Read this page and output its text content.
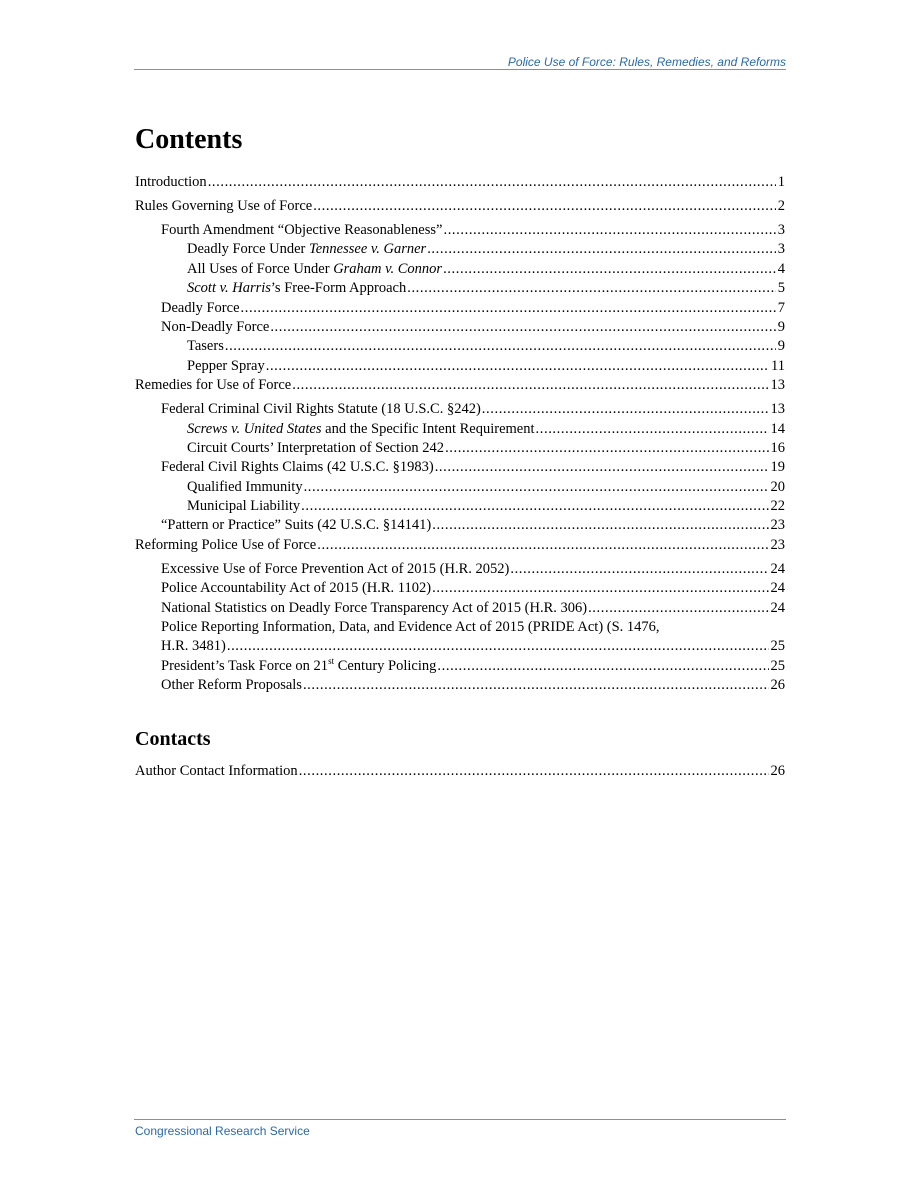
Police Use of Force: Rules, Remedies, and Reforms
Contents
Introduction .....	1
Rules Governing Use of Force .....	2
Fourth Amendment “Objective Reasonableness” .....	3
Deadly Force Under Tennessee v. Garner .....	3
All Uses of Force Under Graham v. Connor .....	4
Scott v. Harris’s Free-Form Approach .....	5
Deadly Force .....	7
Non-Deadly Force .....	9
Tasers .....	9
Pepper Spray .....	11
Remedies for Use of Force .....	13
Federal Criminal Civil Rights Statute (18 U.S.C. §242) .....	13
Screws v. United States and the Specific Intent Requirement .....	14
Circuit Courts’ Interpretation of Section 242 .....	16
Federal Civil Rights Claims (42 U.S.C. §1983) .....	19
Qualified Immunity .....	20
Municipal Liability .....	22
“Pattern or Practice” Suits (42 U.S.C. §14141) .....	23
Reforming Police Use of Force .....	23
Excessive Use of Force Prevention Act of 2015 (H.R. 2052) .....	24
Police Accountability Act of 2015 (H.R. 1102) .....	24
National Statistics on Deadly Force Transparency Act of 2015 (H.R. 306) .....	24
Police Reporting Information, Data, and Evidence Act of 2015 (PRIDE Act) (S. 1476,
H.R. 3481) .....	25
President’s Task Force on 21st Century Policing .....	25
Other Reform Proposals .....	26
Contacts
Author Contact Information .....	26
Congressional Research Service
